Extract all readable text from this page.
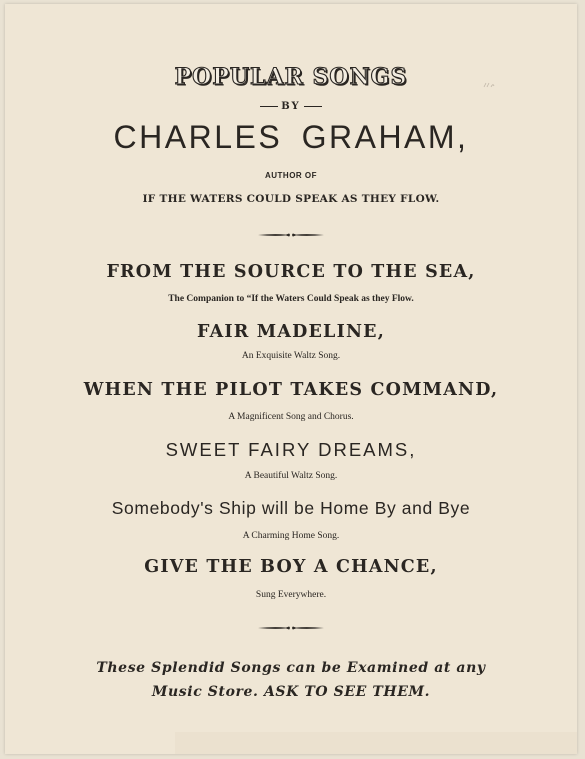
POPULAR SONGS
BY
CHARLES GRAHAM,
AUTHOR OF
IF THE WATERS COULD SPEAK AS THEY FLOW.
FROM THE SOURCE TO THE SEA,
The Companion to “If the Waters Could Speak as they Flow.
FAIR MADELINE,
An Exquisite Waltz Song.
WHEN THE PILOT TAKES COMMAND,
A Magnificent Song and Chorus.
SWEET FAIRY DREAMS,
A Beautiful Waltz Song.
Somebody's Ship will be Home By and Bye
A Charming Home Song.
GIVE THE BOY A CHANCE,
Sung Everywhere.
These Splendid Songs can be Examined at any
Music Store. ASK TO SEE THEM.
